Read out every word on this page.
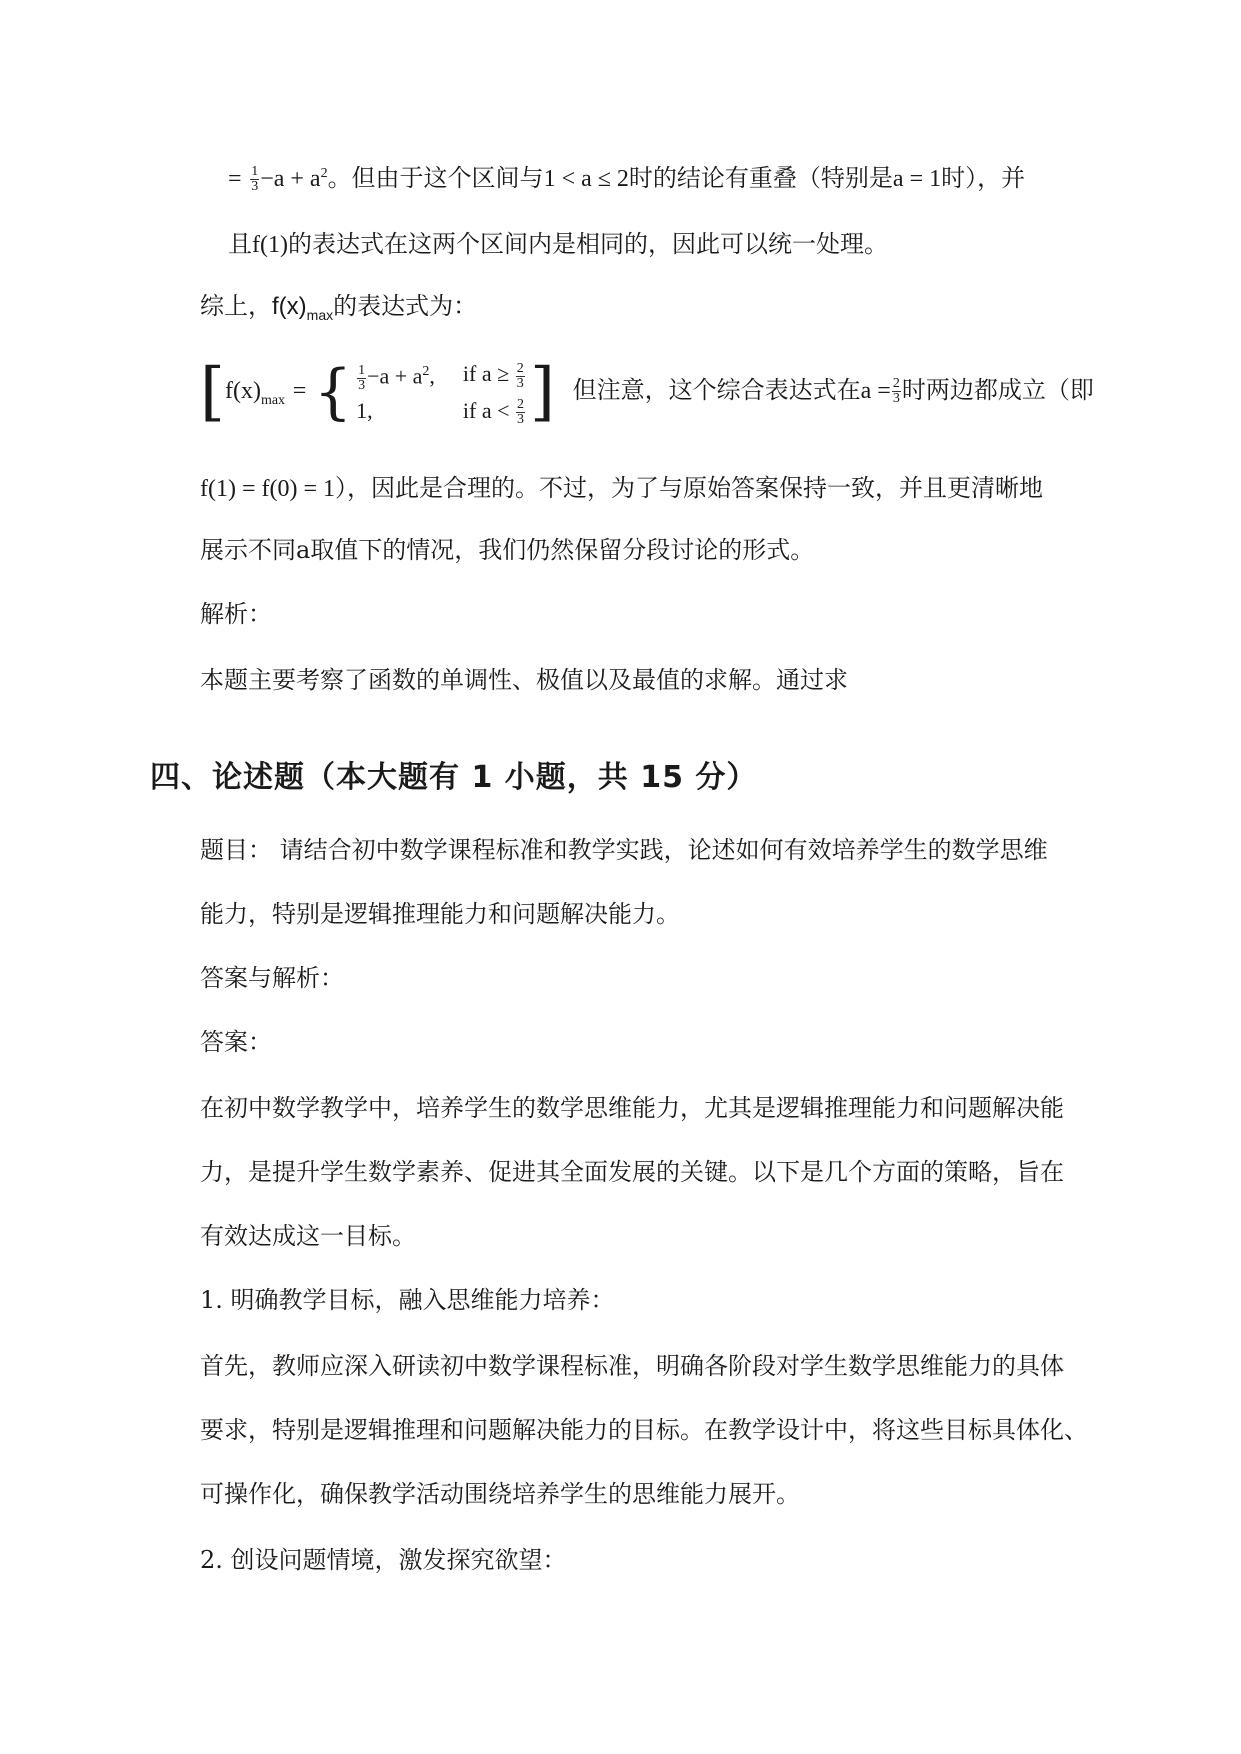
= $\frac{1}{3} -a + a^2$。但由于这个区间与1 < a ≤ 2时的结论有重叠（特别是a = 1时），并
且f(1)的表达式在这两个区间内是相同的，因此可以统一处理。
综上，$f(x)_{max}$的表达式为：
[$f(x)_{max}$ = { $\frac{1}{3} -a + a^2$,	if $a \ge \frac{2}{3}$

1,	if $a < \frac{2}{3}$ ] 但注意，这个综合表达式在$a = \frac{2}{3}$ 时两边都成立（即
f(1) = f(0) = 1），因此是合理的。不过，为了与原始答案保持一致，并且更清晰地
展示不同a取值下的情况，我们仍然保留分段讨论的形式。
解析：
本题主要考察了函数的单调性、极值以及最值的求解。通过求
四、论述题（本大题有 1 小题，共 15 分）
题目： 请结合初中数学课程标准和教学实践，论述如何有效培养学生的数学思维
能力，特别是逻辑推理能力和问题解决能力。
答案与解析：
答案：
在初中数学教学中，培养学生的数学思维能力，尤其是逻辑推理能力和问题解决能
力，是提升学生数学素养、促进其全面发展的关键。以下是几个方面的策略，旨在
有效达成这一目标。
1. 明确教学目标，融入思维能力培养：
首先，教师应深入研读初中数学课程标准，明确各阶段对学生数学思维能力的具体
要求，特别是逻辑推理和问题解决能力的目标。在教学设计中，将这些目标具体化、
可操作化，确保教学活动围绕培养学生的思维能力展开。
2. 创设问题情境，激发探究欲望：
